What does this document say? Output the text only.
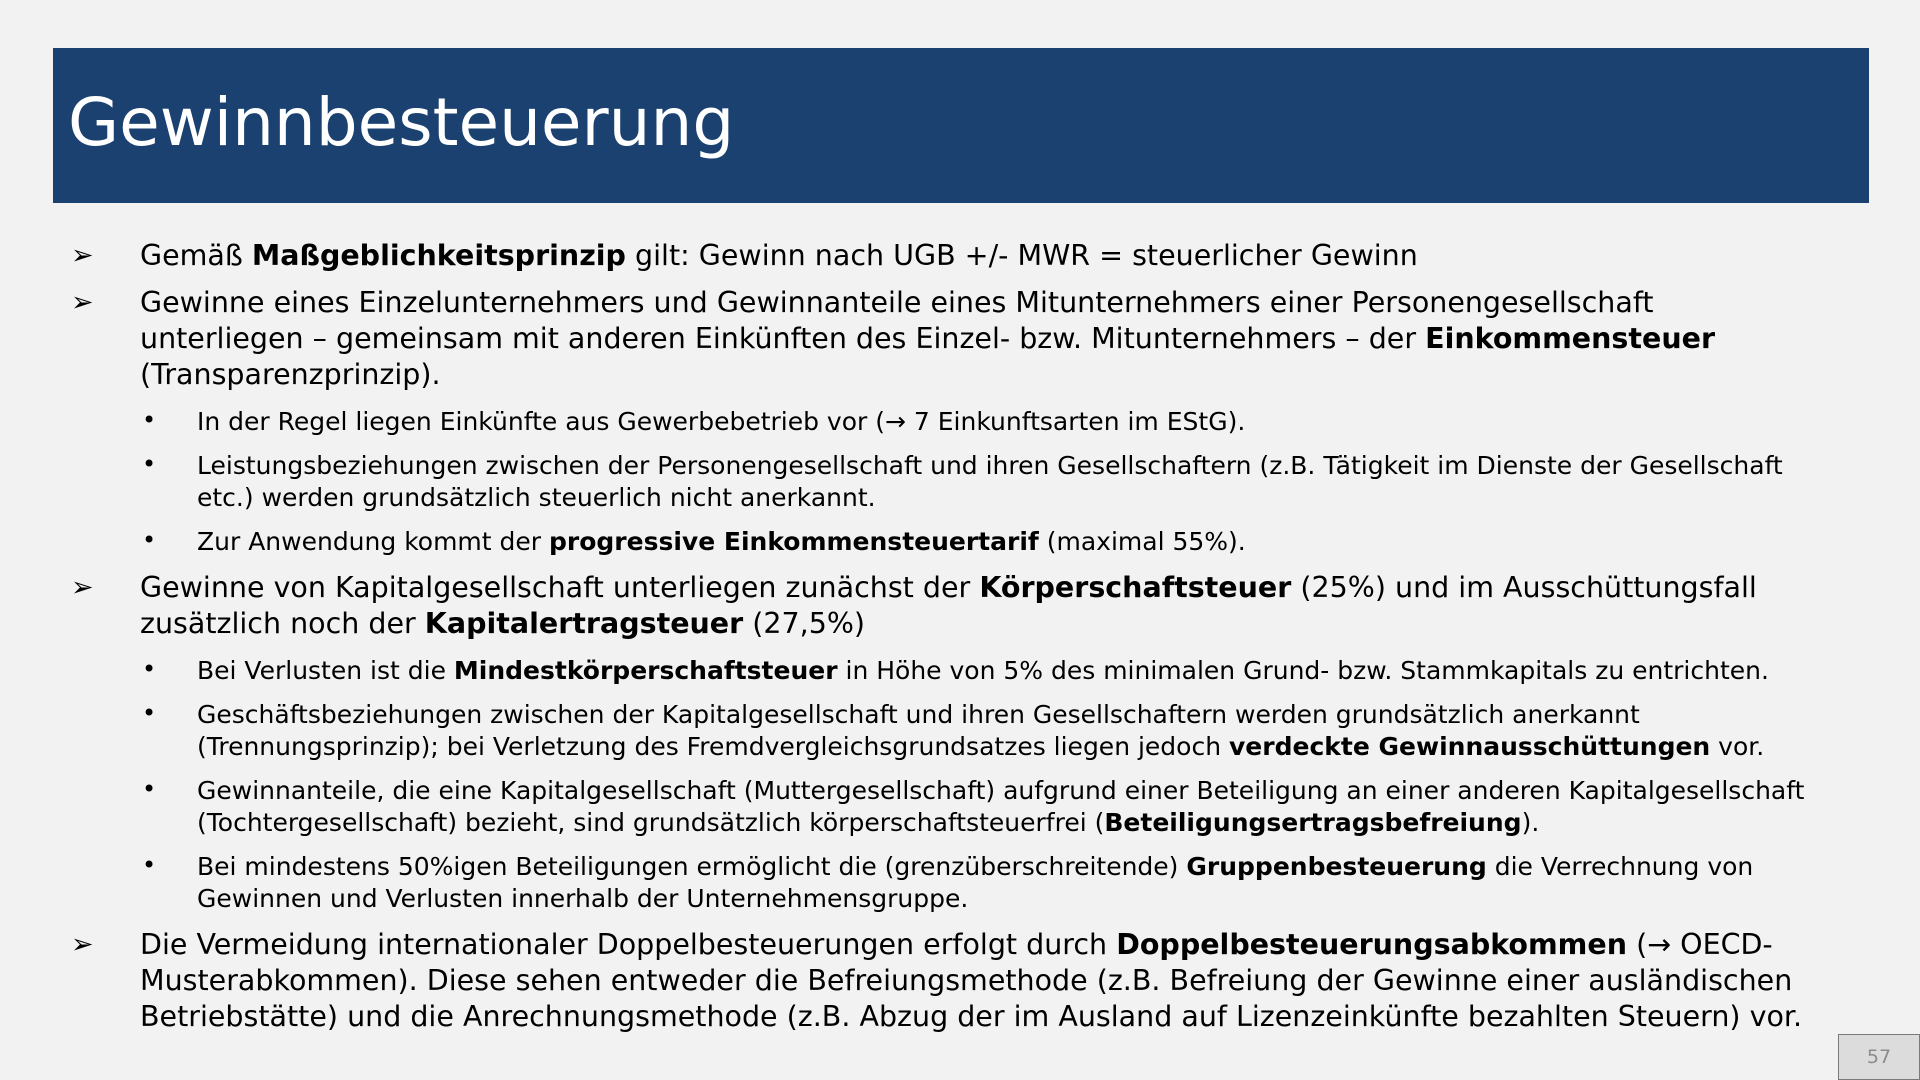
Gewinnbesteuerung
➢ Gemäß Maßgeblichkeitsprinzip gilt: Gewinn nach UGB +/- MWR = steuerlicher Gewinn
➢ Gewinne eines Einzelunternehmers und Gewinnanteile eines Mitunternehmers einer Personengesellschaft unterliegen – gemeinsam mit anderen Einkünften des Einzel- bzw. Mitunternehmers – der Einkommensteuer (Transparenzprinzip).
• In der Regel liegen Einkünfte aus Gewerbebetrieb vor (→ 7 Einkunftsarten im EStG).
• Leistungsbeziehungen zwischen der Personengesellschaft und ihren Gesellschaftern (z.B. Tätigkeit im Dienste der Gesellschaft etc.) werden grundsätzlich steuerlich nicht anerkannt.
• Zur Anwendung kommt der progressive Einkommensteuertarif (maximal 55%).
➢ Gewinne von Kapitalgesellschaft unterliegen zunächst der Körperschaftsteuer (25%) und im Ausschüttungsfall zusätzlich noch der Kapitalertragsteuer (27,5%)
• Bei Verlusten ist die Mindestkörperschaftsteuer in Höhe von 5% des minimalen Grund- bzw. Stammkapitals zu entrichten.
• Geschäftsbeziehungen zwischen der Kapitalgesellschaft und ihren Gesellschaftern werden grundsätzlich anerkannt (Trennungsprinzip); bei Verletzung des Fremdvergleichsgrundsatzes liegen jedoch verdeckte Gewinnausschüttungen vor.
• Gewinnanteile, die eine Kapitalgesellschaft (Muttergesellschaft) aufgrund einer Beteiligung an einer anderen Kapitalgesellschaft (Tochtergesellschaft) bezieht, sind grundsätzlich körperschaftsteuerfrei (Beteiligungsertragsbefreiung).
• Bei mindestens 50%igen Beteiligungen ermöglicht die (grenzüberschreitende) Gruppenbesteuerung die Verrechnung von Gewinnen und Verlusten innerhalb der Unternehmensgruppe.
➢ Die Vermeidung internationaler Doppelbesteuerungen erfolgt durch Doppelbesteuerungsabkommen (→ OECD-Musterabkommen). Diese sehen entweder die Befreiungsmethode (z.B. Befreiung der Gewinne einer ausländischen Betriebstätte) und die Anrechnungsmethode (z.B. Abzug der im Ausland auf Lizenzeinkünfte bezahlten Steuern) vor.
57
